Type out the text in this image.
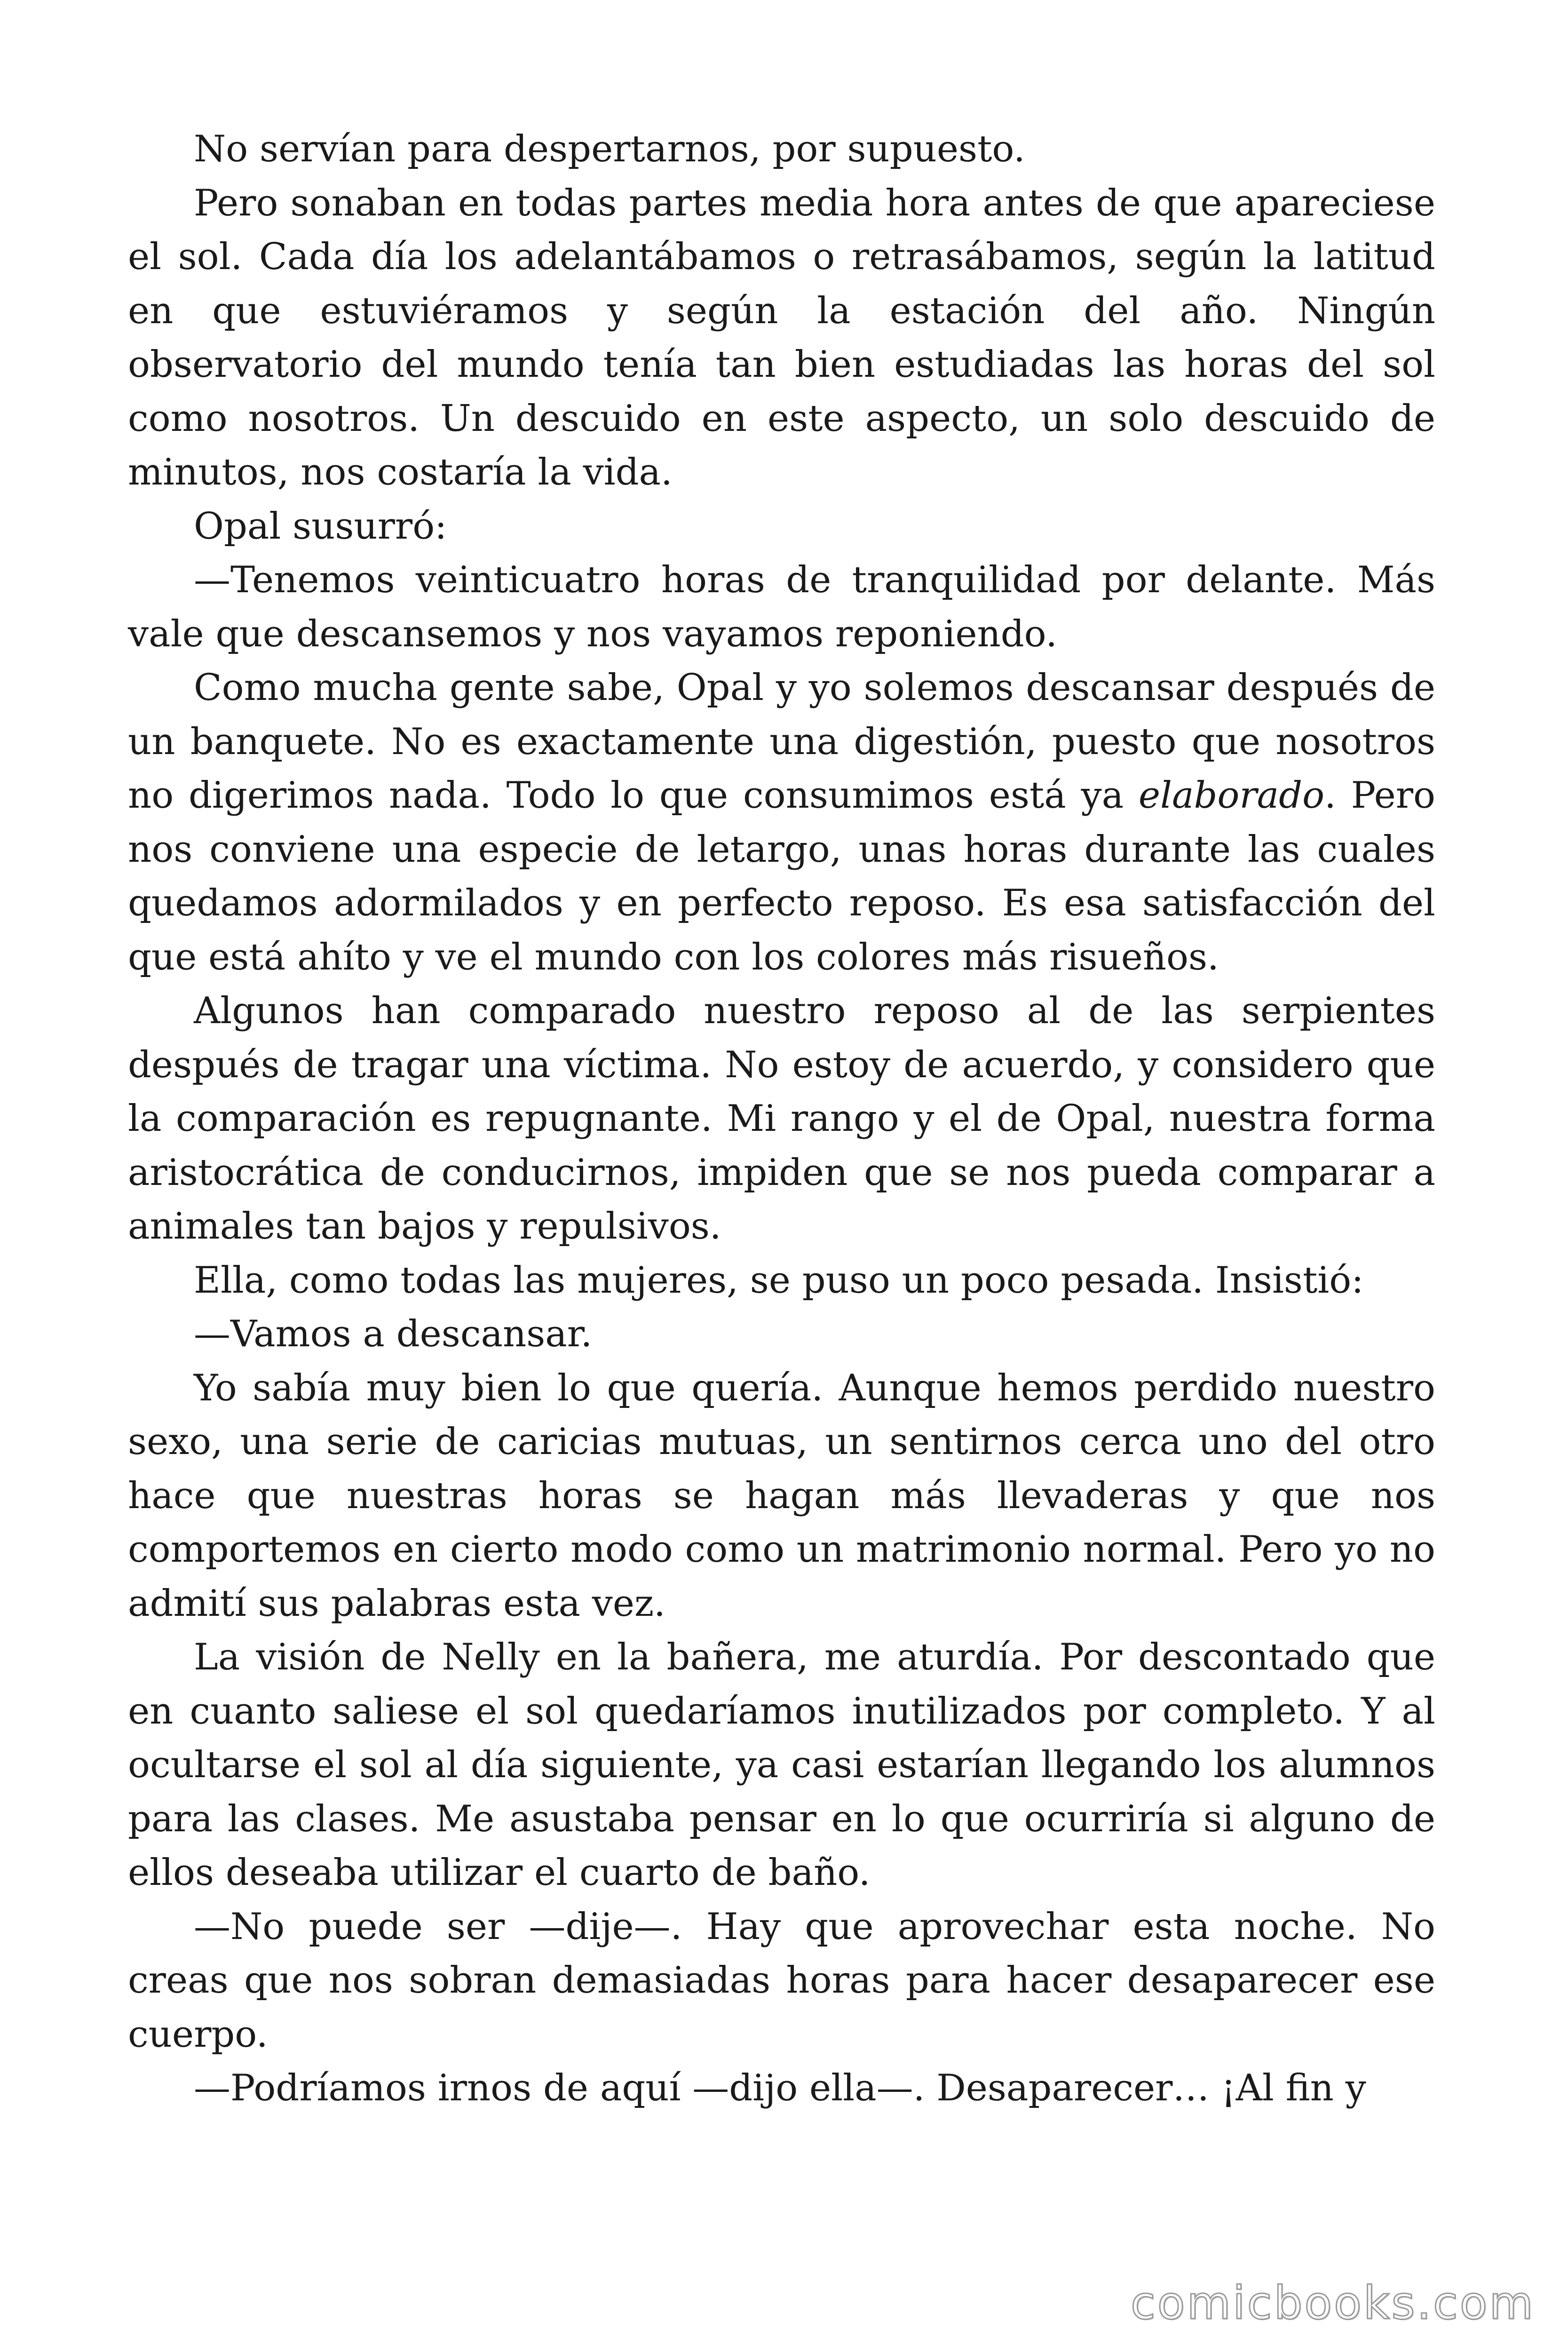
No servían para despertarnos, por supuesto.

Pero sonaban en todas partes media hora antes de que apareciese el sol. Cada día los adelantábamos o retrasábamos, según la latitud en que estuviéramos y según la estación del año. Ningún observatorio del mundo tenía tan bien estudiadas las horas del sol como nosotros. Un descuido en este aspecto, un solo descuido de minutos, nos costaría la vida.

Opal susurró:

—Tenemos veinticuatro horas de tranquilidad por delante. Más vale que descansemos y nos vayamos reponiendo.

Como mucha gente sabe, Opal y yo solemos descansar después de un banquete. No es exactamente una digestión, puesto que nosotros no digerimos nada. Todo lo que consumimos está ya elaborado. Pero nos conviene una especie de letargo, unas horas durante las cuales quedamos adormilados y en perfecto reposo. Es esa satisfacción del que está ahíto y ve el mundo con los colores más risueños.

Algunos han comparado nuestro reposo al de las serpientes después de tragar una víctima. No estoy de acuerdo, y considero que la comparación es repugnante. Mi rango y el de Opal, nuestra forma aristocrática de conducirnos, impiden que se nos pueda comparar a animales tan bajos y repulsivos.

Ella, como todas las mujeres, se puso un poco pesada. Insistió:

—Vamos a descansar.

Yo sabía muy bien lo que quería. Aunque hemos perdido nuestro sexo, una serie de caricias mutuas, un sentirnos cerca uno del otro hace que nuestras horas se hagan más llevaderas y que nos comportemos en cierto modo como un matrimonio normal. Pero yo no admití sus palabras esta vez.

La visión de Nelly en la bañera, me aturdía. Por descontado que en cuanto saliese el sol quedaríamos inutilizados por completo. Y al ocultarse el sol al día siguiente, ya casi estarían llegando los alumnos para las clases. Me asustaba pensar en lo que ocurriría si alguno de ellos deseaba utilizar el cuarto de baño.

—No puede ser —dije—. Hay que aprovechar esta noche. No creas que nos sobran demasiadas horas para hacer desaparecer ese cuerpo.

—Podríamos irnos de aquí —dijo ella—. Desaparecer… ¡Al fin y

comicbooks.com
